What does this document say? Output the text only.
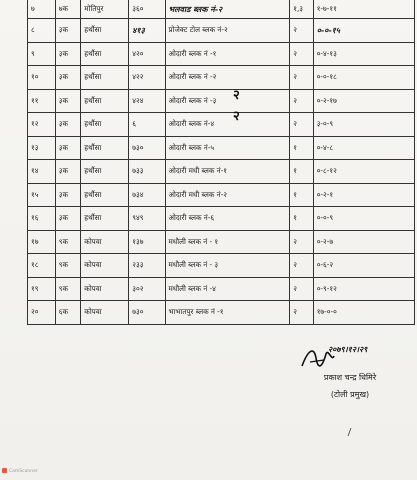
७	७क	मोतिपुर	३६०	भलवाड ब्लक नं-२	१,३	१-७-११
८	३क	हर्थौसा	४१३	प्रोजेक्ट टोल ब्लक नं-२	२	०-०-१५
९	३क	हर्थौसा	४२०	ओदारी ब्लक नं -१	२	०-४-१३
१०	३क	हर्थौसा	४२२	ओदारी ब्लक नं -२	२	०-०-१८
११	३क	हर्थौसा	४२४	ओदारी ब्लक नं -३	२	०-२-१७
१२	३क	हर्थौसा	६	ओदारी ब्लक नं-४	२	३-०-९
१३	३क	हर्थौसा	७३०	ओदारी ब्लक नं-५	१	०-४-८
१४	३क	हर्थौसा	७३३	ओदारी मधी ब्लक नं-१	१	०-८-१२
१५	३क	हर्थौसा	७३४	ओदारी मधी ब्लक नं-२	१	०-२-१
१६	३क	हर्थौसा	९४९	ओदारी ब्लक नं-६	१	०-०-९
१७	९क	कोपवा	१३७	मधौली ब्लक नं - १	२	०-२-७
१८	९क	कोपवा	२३३	मधौली ब्लक नं - ३	२	०-६-२
१९	९क	कोपवा	३०२	मधौली ब्लक नं -४	२	०-९-१२
२०	६क	कोपवा	७३०	भाभातपुर ब्लक नं -१	२	१७-०-०
२
२
२०७९।१२।२९
प्रकाश चन्द्र धिमिरे
(टोली प्रमुख)
CamScanner
